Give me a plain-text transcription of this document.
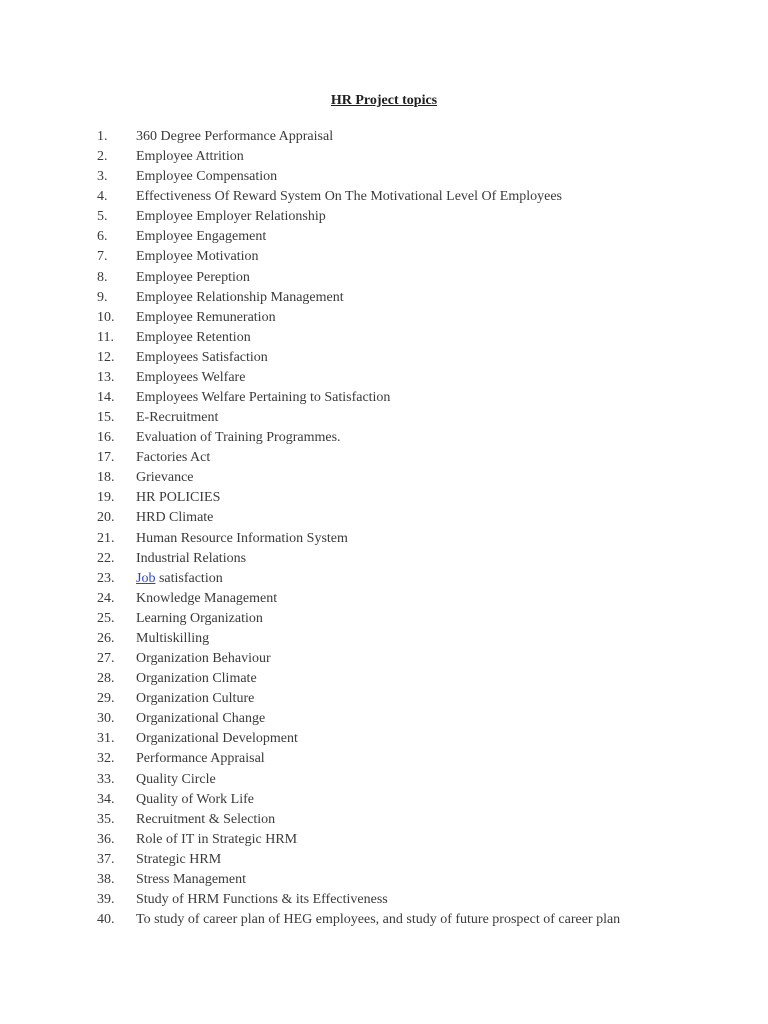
HR Project topics
1. 360 Degree Performance Appraisal
2. Employee Attrition
3. Employee Compensation
4. Effectiveness Of Reward System On The Motivational Level Of Employees
5. Employee Employer Relationship
6. Employee Engagement
7. Employee Motivation
8. Employee Pereption
9. Employee Relationship Management
10. Employee Remuneration
11. Employee Retention
12. Employees Satisfaction
13. Employees Welfare
14. Employees Welfare Pertaining to Satisfaction
15. E-Recruitment
16. Evaluation of Training Programmes.
17. Factories Act
18. Grievance
19. HR POLICIES
20. HRD Climate
21. Human Resource Information System
22. Industrial Relations
23. Job satisfaction
24. Knowledge Management
25. Learning Organization
26. Multiskilling
27. Organization Behaviour
28. Organization Climate
29. Organization Culture
30. Organizational Change
31. Organizational Development
32. Performance Appraisal
33. Quality Circle
34. Quality of Work Life
35. Recruitment & Selection
36. Role of IT in Strategic HRM
37. Strategic HRM
38. Stress Management
39. Study of HRM Functions & its Effectiveness
40. To study of career plan of HEG employees, and study of future prospect of career plan
